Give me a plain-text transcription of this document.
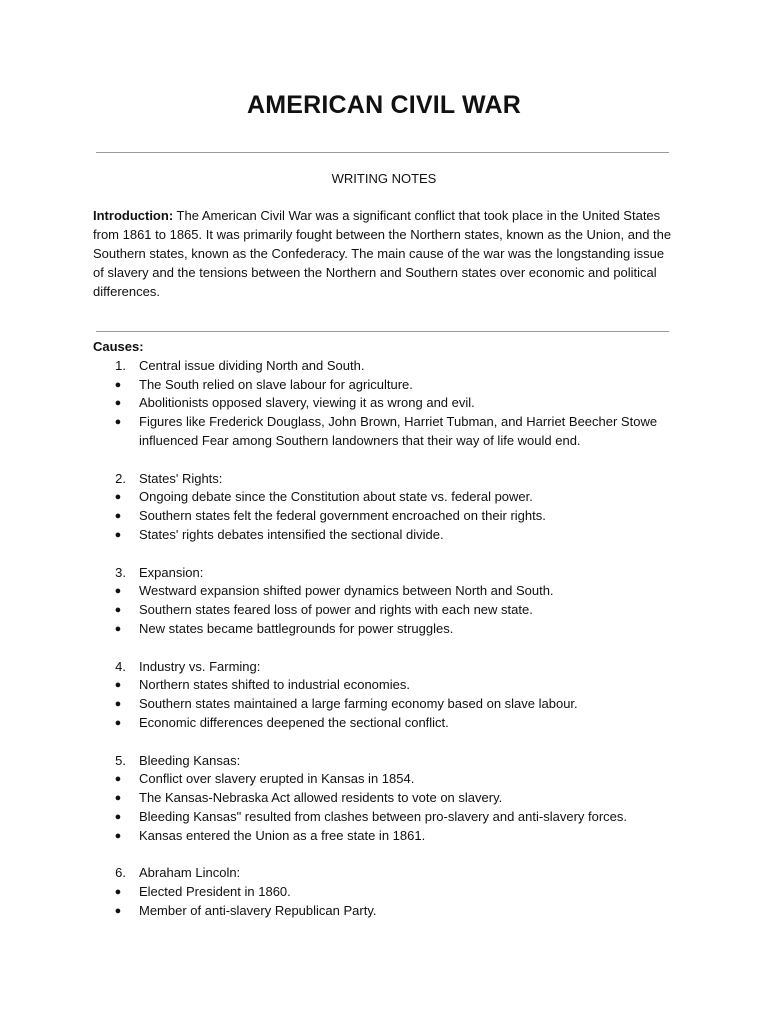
AMERICAN CIVIL WAR
WRITING NOTES

Introduction: The American Civil War was a significant conflict that took place in the United States from 1861 to 1865. It was primarily fought between the Northern states, known as the Union, and the Southern states, known as the Confederacy. The main cause of the war was the longstanding issue of slavery and the tensions between the Northern and Southern states over economic and political differences.

Causes:
1. Central issue dividing North and South.
● The South relied on slave labour for agriculture.
● Abolitionists opposed slavery, viewing it as wrong and evil.
● Figures like Frederick Douglass, John Brown, Harriet Tubman, and Harriet Beecher Stowe influenced Fear among Southern landowners that their way of life would end.
2. States' Rights:
● Ongoing debate since the Constitution about state vs. federal power.
● Southern states felt the federal government encroached on their rights.
● States' rights debates intensified the sectional divide.
3. Expansion:
● Westward expansion shifted power dynamics between North and South.
● Southern states feared loss of power and rights with each new state.
● New states became battlegrounds for power struggles.
4. Industry vs. Farming:
● Northern states shifted to industrial economies.
● Southern states maintained a large farming economy based on slave labour.
● Economic differences deepened the sectional conflict.
5. Bleeding Kansas:
● Conflict over slavery erupted in Kansas in 1854.
● The Kansas-Nebraska Act allowed residents to vote on slavery.
● Bleeding Kansas" resulted from clashes between pro-slavery and anti-slavery forces.
● Kansas entered the Union as a free state in 1861.
6. Abraham Lincoln:
● Elected President in 1860.
● Member of anti-slavery Republican Party.
